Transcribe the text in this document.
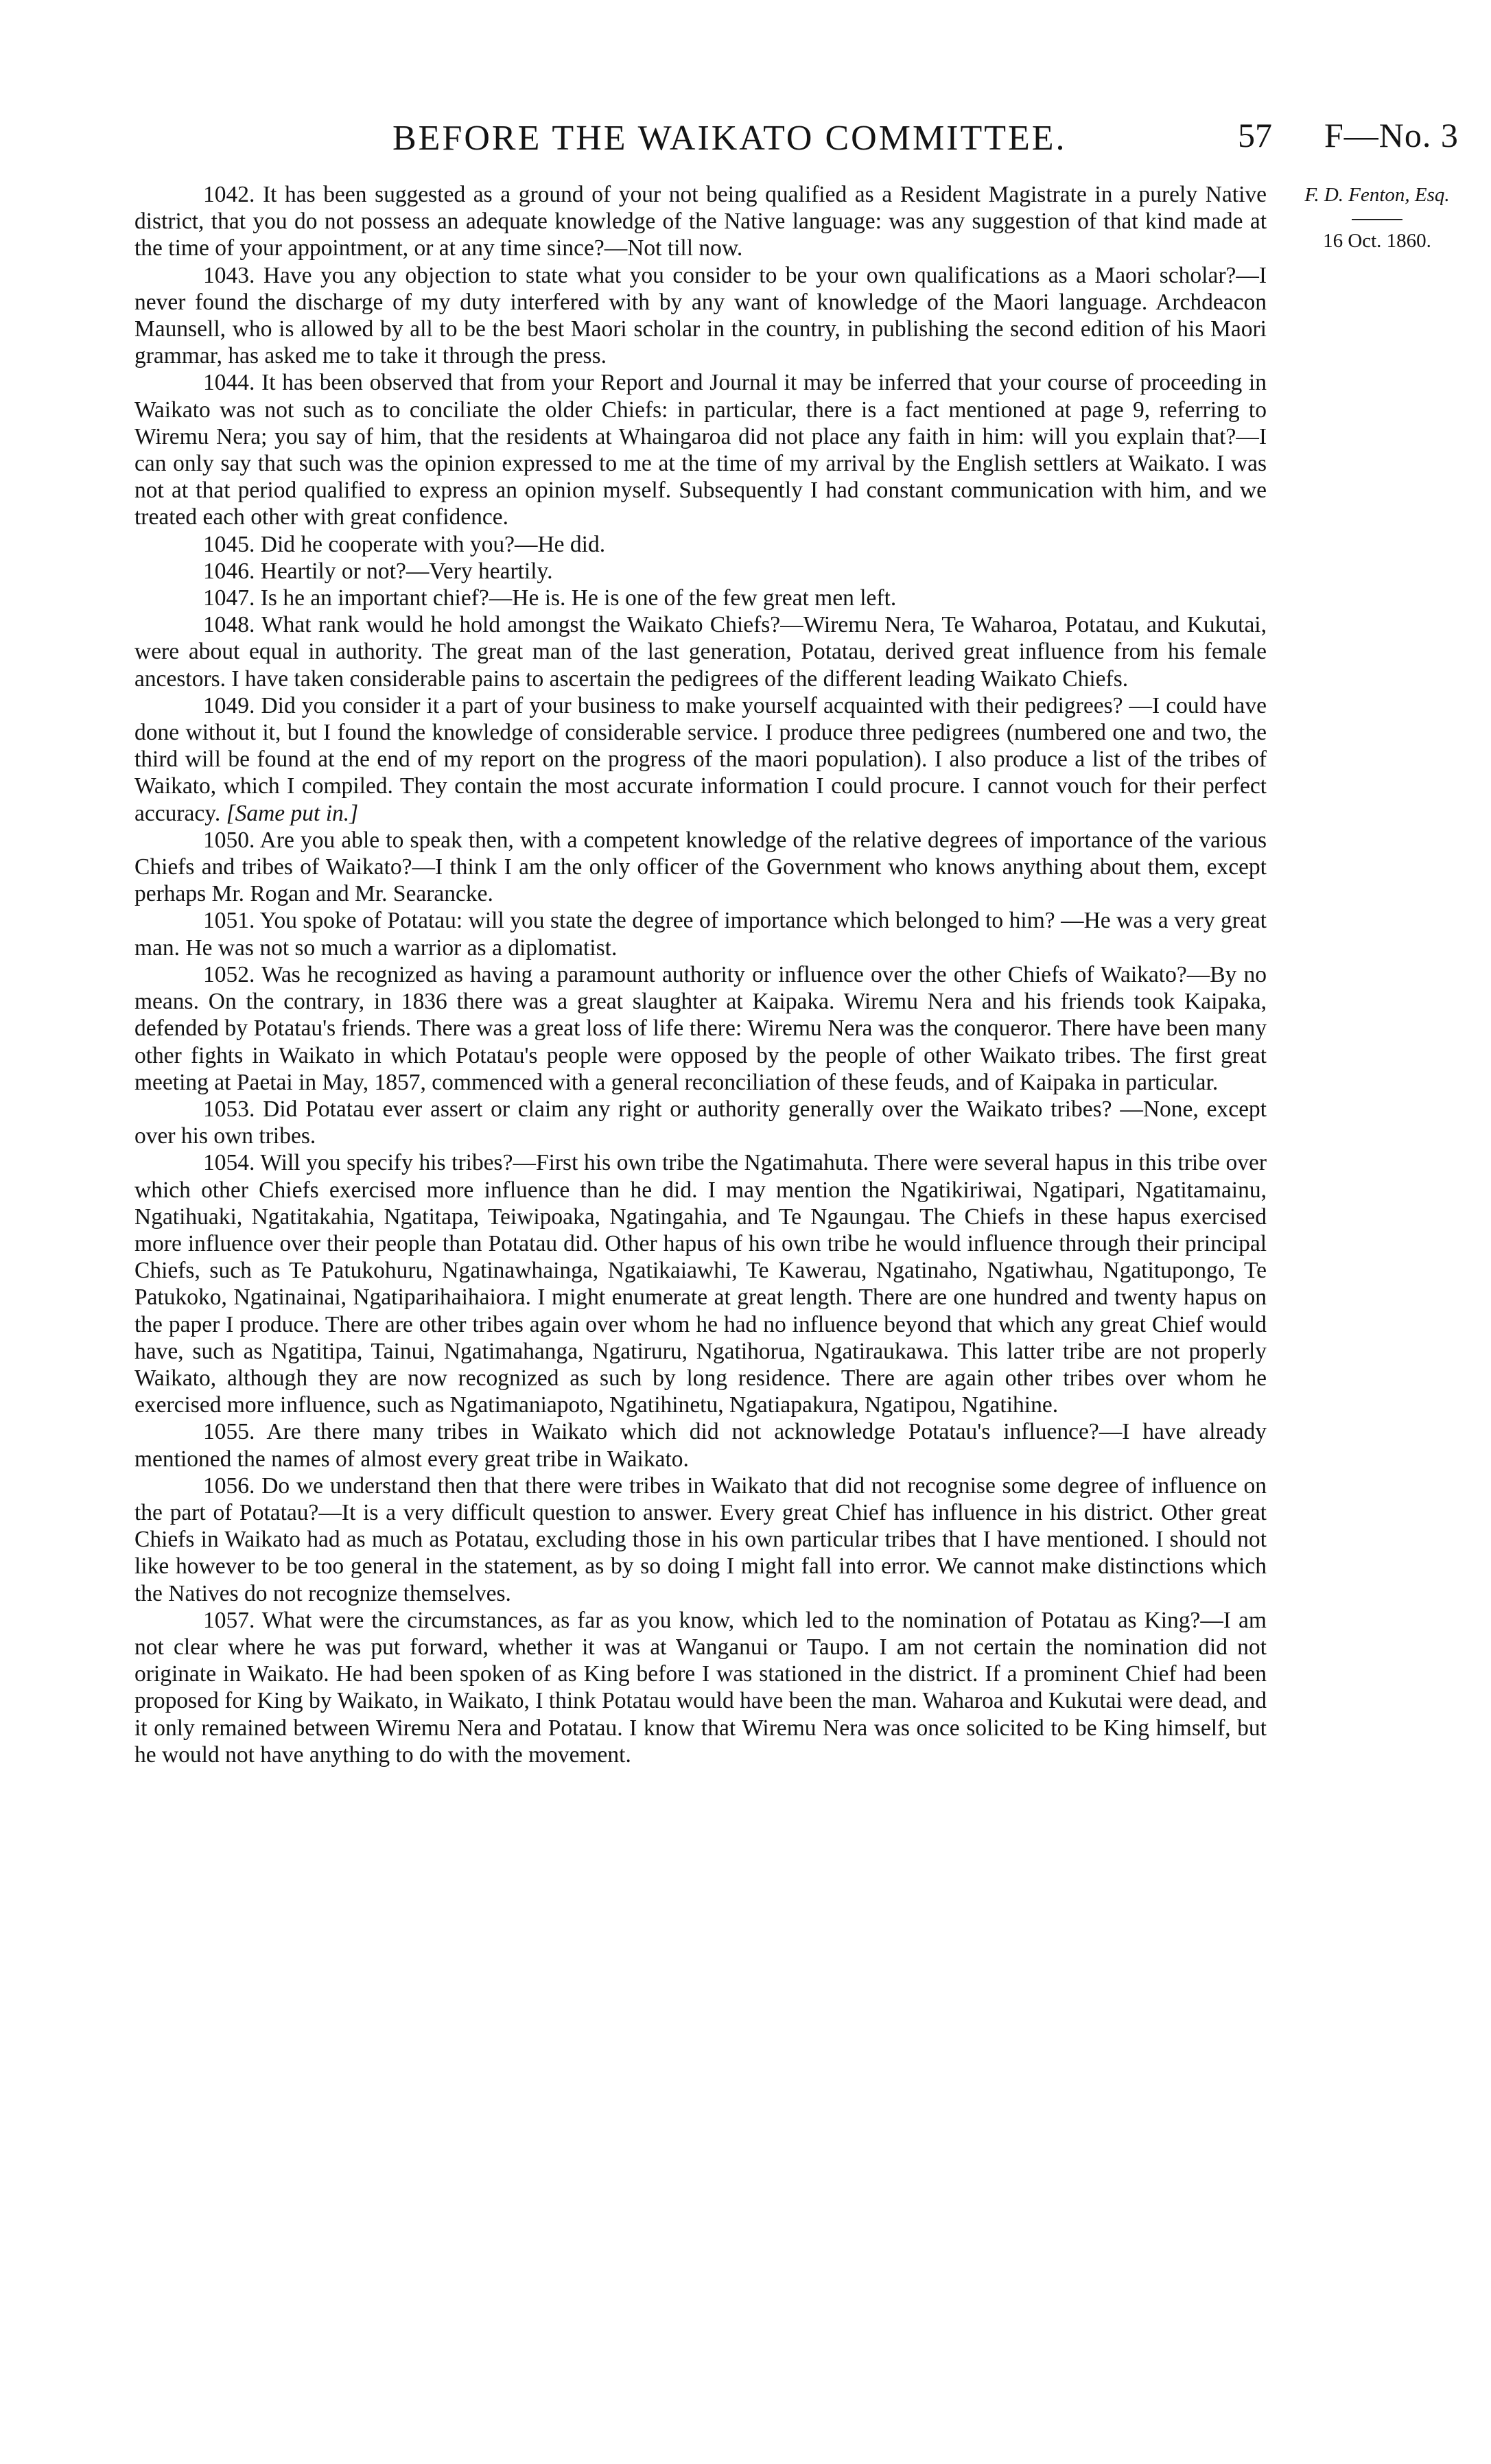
BEFORE THE WAIKATO COMMITTEE.	57 F—No. 3
F. D. Fenton, Esq.
16 Oct. 1860.

1042. It has been suggested as a ground of your not being qualified as a Resident Magistrate in a purely Native district, that you do not possess an adequate knowledge of the Native language: was any suggestion of that kind made at the time of your appointment, or at any time since?—Not till now.

1043. Have you any objection to state what you consider to be your own qualifications as a Maori scholar?—I never found the discharge of my duty interfered with by any want of knowledge of the Maori language. Archdeacon Maunsell, who is allowed by all to be the best Maori scholar in the country, in publishing the second edition of his Maori grammar, has asked me to take it through the press.

1044. It has been observed that from your Report and Journal it may be inferred that your course of proceeding in Waikato was not such as to conciliate the older Chiefs: in particular, there is a fact mentioned at page 9, referring to Wiremu Nera; you say of him, that the residents at Whaingaroa did not place any faith in him: will you explain that?—I can only say that such was the opinion expressed to me at the time of my arrival by the English settlers at Waikato. I was not at that period qualified to express an opinion myself. Subsequently I had constant communication with him, and we treated each other with great confidence.

1045. Did he cooperate with you?—He did.

1046. Heartily or not?—Very heartily.

1047. Is he an important chief?—He is. He is one of the few great men left.

1048. What rank would he hold amongst the Waikato Chiefs?—Wiremu Nera, Te Waharoa, Potatau, and Kukutai, were about equal in authority. The great man of the last generation, Potatau, derived great influence from his female ancestors. I have taken considerable pains to ascertain the pedigrees of the different leading Waikato Chiefs.

1049. Did you consider it a part of your business to make yourself acquainted with their pedigrees? —I could have done without it, but I found the knowledge of considerable service. I produce three pedigrees (numbered one and two, the third will be found at the end of my report on the progress of the maori population). I also produce a list of the tribes of Waikato, which I compiled. They contain the most accurate information I could procure. I cannot vouch for their perfect accuracy. [Same put in.]

1050. Are you able to speak then, with a competent knowledge of the relative degrees of importance of the various Chiefs and tribes of Waikato?—I think I am the only officer of the Government who knows anything about them, except perhaps Mr. Rogan and Mr. Searancke.

1051. You spoke of Potatau: will you state the degree of importance which belonged to him? —He was a very great man. He was not so much a warrior as a diplomatist.

1052. Was he recognized as having a paramount authority or influence over the other Chiefs of Waikato?—By no means. On the contrary, in 1836 there was a great slaughter at Kaipaka. Wiremu Nera and his friends took Kaipaka, defended by Potatau's friends. There was a great loss of life there: Wiremu Nera was the conqueror. There have been many other fights in Waikato in which Potatau's people were opposed by the people of other Waikato tribes. The first great meeting at Paetai in May, 1857, commenced with a general reconciliation of these feuds, and of Kaipaka in particular.

1053. Did Potatau ever assert or claim any right or authority generally over the Waikato tribes? —None, except over his own tribes.

1054. Will you specify his tribes?—First his own tribe the Ngatimahuta. There were several hapus in this tribe over which other Chiefs exercised more influence than he did. I may mention the Ngatikiriwai, Ngatipari, Ngatitamainu, Ngatihuaki, Ngatitakahia, Ngatitapa, Teiwipoaka, Ngatingahia, and Te Ngaungau. The Chiefs in these hapus exercised more influence over their people than Potatau did. Other hapus of his own tribe he would influence through their principal Chiefs, such as Te Patukohuru, Ngatinawhainga, Ngatikaiawhi, Te Kawerau, Ngatinaho, Ngatiwhau, Ngatitupongo, Te Patukoko, Ngatinainai, Ngatiparihaihaiora. I might enumerate at great length. There are one hundred and twenty hapus on the paper I produce. There are other tribes again over whom he had no influence beyond that which any great Chief would have, such as Ngatitipa, Tainui, Ngatimahanga, Ngatiruru, Ngatihorua, Ngatiraukawa. This latter tribe are not properly Waikato, although they are now recognized as such by long residence. There are again other tribes over whom he exercised more influence, such as Ngatimaniapoto, Ngatihinetu, Ngatiapakura, Ngatipou, Ngatihine.

1055. Are there many tribes in Waikato which did not acknowledge Potatau's influence?—I have already mentioned the names of almost every great tribe in Waikato.

1056. Do we understand then that there were tribes in Waikato that did not recognise some degree of influence on the part of Potatau?—It is a very difficult question to answer. Every great Chief has influence in his district. Other great Chiefs in Waikato had as much as Potatau, excluding those in his own particular tribes that I have mentioned. I should not like however to be too general in the statement, as by so doing I might fall into error. We cannot make distinctions which the Natives do not recognize themselves.

1057. What were the circumstances, as far as you know, which led to the nomination of Potatau as King?—I am not clear where he was put forward, whether it was at Wanganui or Taupo. I am not certain the nomination did not originate in Waikato. He had been spoken of as King before I was stationed in the district. If a prominent Chief had been proposed for King by Waikato, in Waikato, I think Potatau would have been the man. Waharoa and Kukutai were dead, and it only remained between Wiremu Nera and Potatau. I know that Wiremu Nera was once solicited to be King himself, but he would not have anything to do with the movement.
